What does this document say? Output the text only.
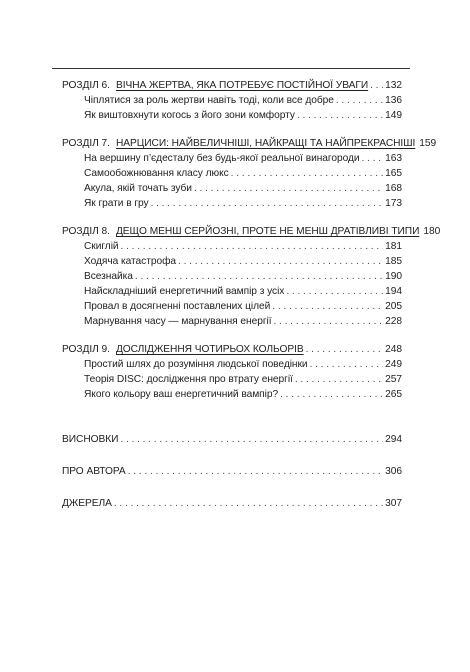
РОЗДІЛ 6. ВІЧНА ЖЕРТВА, ЯКА ПОТРЕБУЄ ПОСТІЙНОЇ УВАГИ . . . 132
Чіплятися за роль жертви навіть тоді, коли все добре . . .	136
Як виштовхнути когось з його зони комфорту . . .	149
РОЗДІЛ 7. НАРЦИСИ: НАЙВЕЛИЧНІШІ, НАЙКРАЩІ ТА НАЙПРЕКРАСНІШІ 159
На вершину п’єдесталу без будь-якої реальної винагороди . . .	163
Самообожнювання класу люкс . . .	165
Акула, якій точать зуби . . .	168
Як грати в гру . . .	173
РОЗДІЛ 8. ДЕЩО МЕНШ СЕРЙОЗНІ, ПРОТЕ НЕ МЕНШ ДРАТІВЛИВІ ТИПИ 180
Скиглій . . .	181
Ходяча катастрофа . . .	185
Всезнайка . . .	190
Найскладніший енергетичний вампір з усіх . . .	194
Провал в досягненні поставлених цілей . . .	205
Марнування часу — марнування енергії . . .	228
РОЗДІЛ 9. ДОСЛІДЖЕННЯ ЧОТИРЬОХ КОЛЬОРІВ . . .	248
Простий шлях до розуміння людської поведінки . . .	249
Теорія DISC: дослідження про втрату енергії . . .	257
Якого кольору ваш енергетичний вампір? . . .	265
ВИСНОВКИ . . .	294
ПРО АВТОРА . . .	306
ДЖЕРЕЛА . . .	307
